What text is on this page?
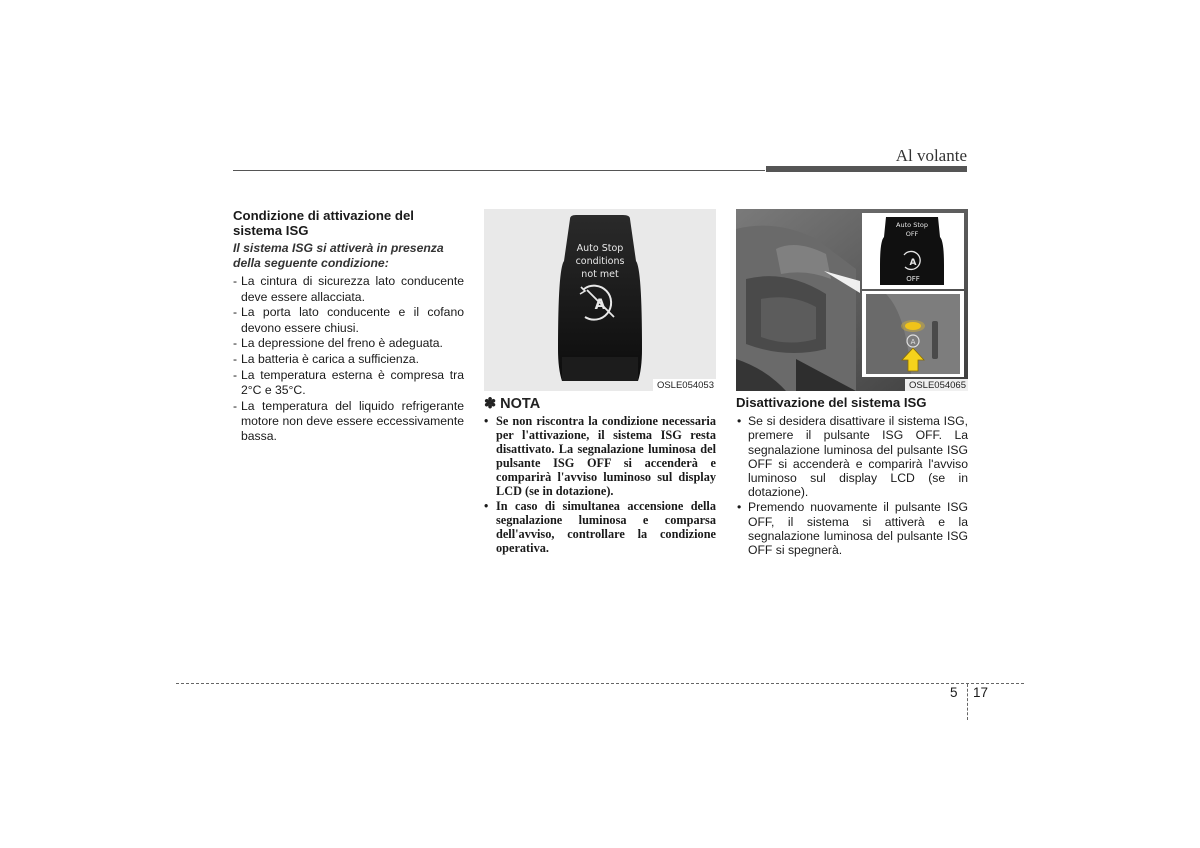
Al volante
Condizione di attivazione del sistema ISG
Il sistema ISG si attiverà in presenza della seguente condizione:
- La cintura di sicurezza lato conducente deve essere allacciata.
- La porta lato conducente e il cofano devono essere chiusi.
- La depressione del freno è adeguata.
- La batteria è carica a sufficienza.
- La temperatura esterna è compresa tra 2°C e 35°C.
- La temperatura del liquido refrigerante motore non deve essere eccessivamente bassa.
Auto Stop
conditions
not met
A
OSLE054053
Auto Stop
OFF
A
OFF
A
OSLE054065
✽ NOTA
• Se non riscontra la condizione necessaria per l'attivazione, il sistema ISG resta disattivato. La segnalazione luminosa del pulsante ISG OFF si accenderà e comparirà l'avviso luminoso sul display LCD (se in dotazione).
• In caso di simultanea accensione della segnalazione luminosa e comparsa dell'avviso, controllare la condizione operativa.
Disattivazione del sistema ISG
• Se si desidera disattivare il sistema ISG, premere il pulsante ISG OFF. La segnalazione luminosa del pulsante ISG OFF si accenderà e comparirà l'avviso luminoso sul display LCD (se in dotazione).
• Premendo nuovamente il pulsante ISG OFF, il sistema si attiverà e la segnalazione luminosa del pulsante ISG OFF si spegnerà.
5 17
